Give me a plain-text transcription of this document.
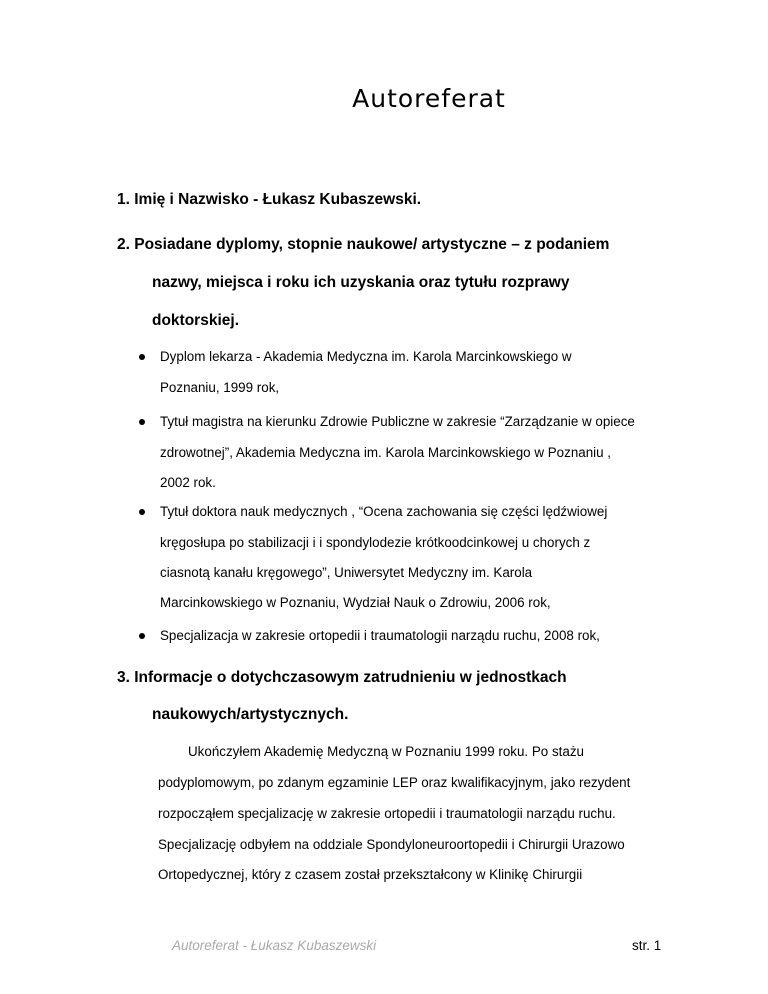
Autoreferat

1. Imię i Nazwisko - Łukasz Kubaszewski.

2. Posiadane dyplomy, stopnie naukowe/ artystyczne – z podaniem

nazwy, miejsca i roku ich uzyskania oraz tytułu rozprawy

doktorskiej.

Dyplom lekarza - Akademia Medyczna im. Karola Marcinkowskiego w

Poznaniu, 1999 rok,

Tytuł magistra na kierunku Zdrowie Publiczne w zakresie “Zarządzanie w opiece

zdrowotnej”, Akademia Medyczna im. Karola Marcinkowskiego w Poznaniu ,

2002 rok.

Tytuł doktora nauk medycznych , “Ocena zachowania się części lędźwiowej

kręgosłupa po stabilizacji i i spondylodezie krótkoodcinkowej u chorych z

ciasnotą kanału kręgowego”, Uniwersytet Medyczny im. Karola

Marcinkowskiego w Poznaniu, Wydział Nauk o Zdrowiu, 2006 rok,

Specjalizacja w zakresie ortopedii i traumatologii narządu ruchu, 2008 rok,

3. Informacje o dotychczasowym zatrudnieniu w jednostkach

naukowych/artystycznych.

Ukończyłem Akademię Medyczną w Poznaniu 1999 roku. Po stażu

podyplomowym, po zdanym egzaminie LEP oraz kwalifikacyjnym, jako rezydent

rozpocząłem specjalizację w zakresie ortopedii i traumatologii narządu ruchu.

Specjalizację odbyłem na oddziale Spondyloneuroortopedii i Chirurgii Urazowo

Ortopedycznej, który z czasem został przekształcony w Klinikę Chirurgii

Autoreferat - Łukasz Kubaszewski	str. 1
